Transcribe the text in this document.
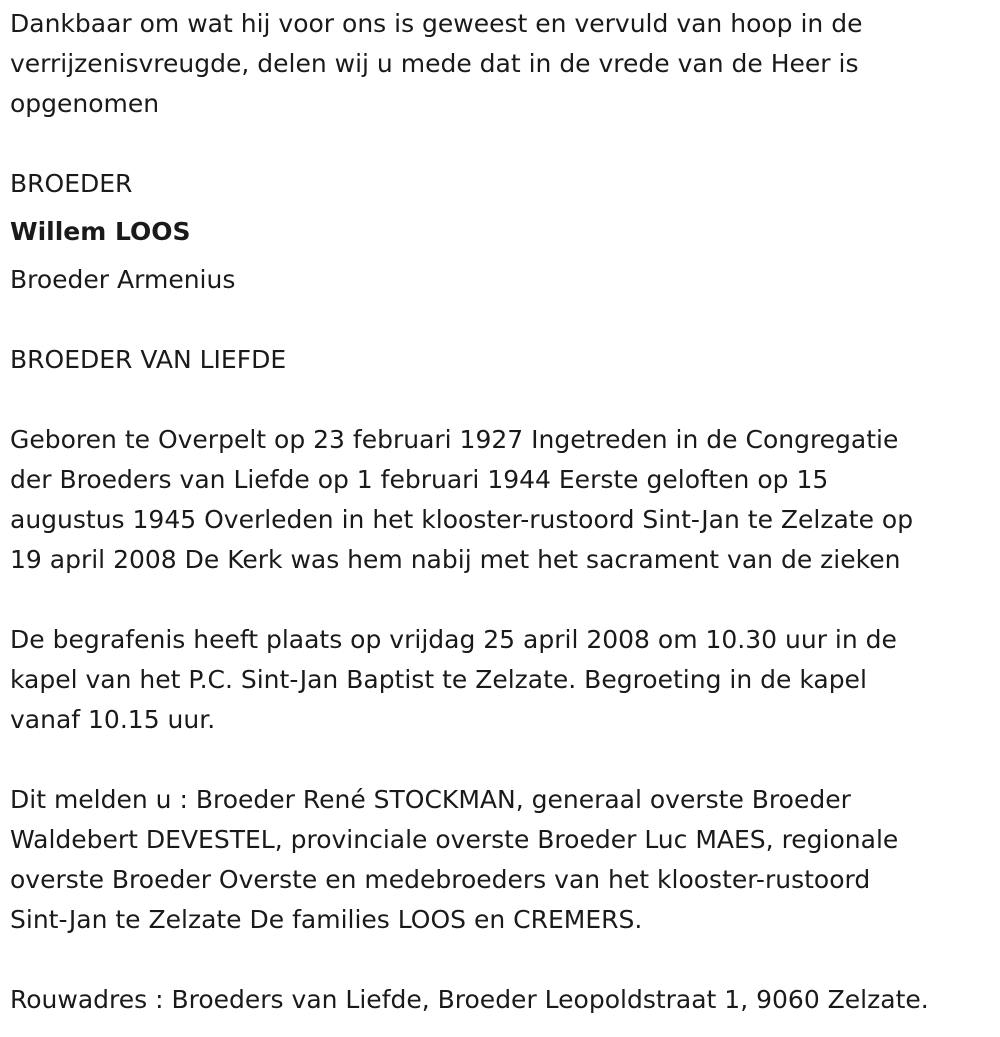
Dankbaar om wat hij voor ons is geweest en vervuld van hoop in de
verrijzenisvreugde, delen wij u mede dat in de vrede van de Heer is
opgenomen

BROEDER

Willem LOOS

Broeder Armenius

BROEDER VAN LIEFDE

Geboren te Overpelt op 23 februari 1927 Ingetreden in de Congregatie
der Broeders van Liefde op 1 februari 1944 Eerste geloften op 15
augustus 1945 Overleden in het klooster-rustoord Sint-Jan te Zelzate op
19 april 2008 De Kerk was hem nabij met het sacrament van de zieken

De begrafenis heeft plaats op vrijdag 25 april 2008 om 10.30 uur in de
kapel van het P.C. Sint-Jan Baptist te Zelzate. Begroeting in de kapel
vanaf 10.15 uur.

Dit melden u : Broeder René STOCKMAN, generaal overste Broeder
Waldebert DEVESTEL, provinciale overste Broeder Luc MAES, regionale
overste Broeder Overste en medebroeders van het klooster-rustoord
Sint-Jan te Zelzate De families LOOS en CREMERS.

Rouwadres : Broeders van Liefde, Broeder Leopoldstraat 1, 9060 Zelzate.
